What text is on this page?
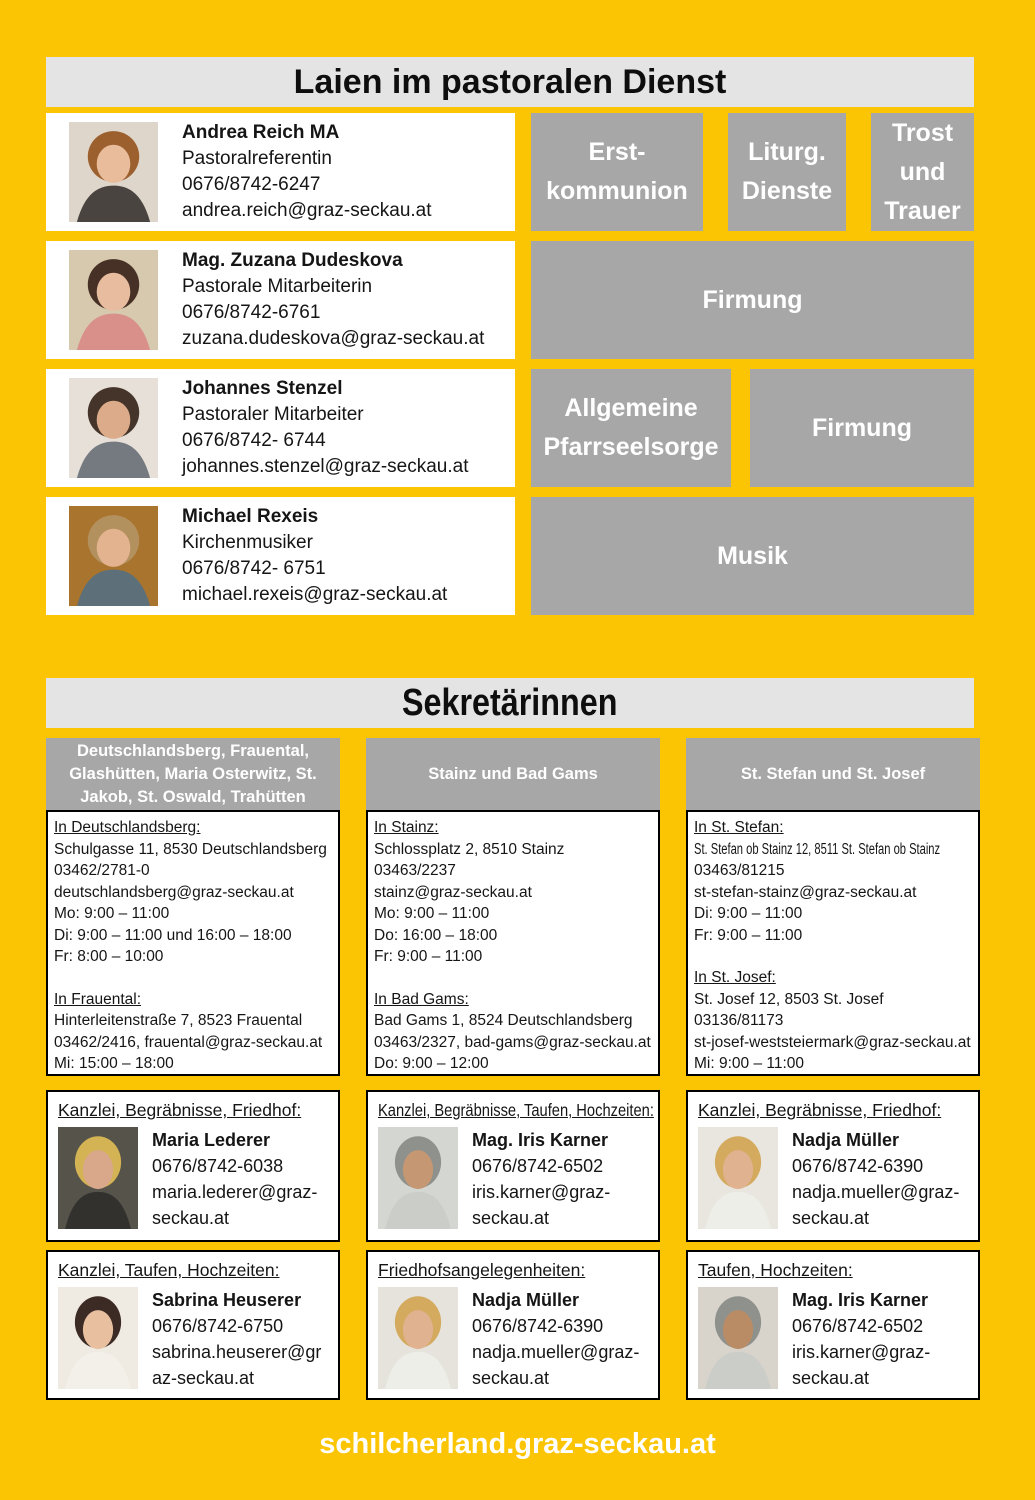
Laien im pastoralen Dienst
Andrea Reich MA
Pastoralreferentin
0676/8742-6247
andrea.reich@graz-seckau.at
Mag. Zuzana Dudeskova
Pastorale Mitarbeiterin
0676/8742-6761
zuzana.dudeskova@graz-seckau.at
Johannes Stenzel
Pastoraler Mitarbeiter
0676/8742- 6744
johannes.stenzel@graz-seckau.at
Michael Rexeis
Kirchenmusiker
0676/8742- 6751
michael.rexeis@graz-seckau.at
Erst-kommunion
Liturg. Dienste
Trost und Trauer
Firmung
Allgemeine Pfarrseelsorge
Firmung
Musik
Sekretärinnen
Deutschlandsberg, Frauental, Glashütten, Maria Osterwitz, St. Jakob, St. Oswald, Trahütten
In Deutschlandsberg:
Schulgasse 11, 8530 Deutschlandsberg
03462/2781-0
deutschlandsberg@graz-seckau.at
Mo: 9:00 – 11:00
Di: 9:00 – 11:00 und 16:00 – 18:00
Fr: 8:00 – 10:00
In Frauental:
Hinterleitenstraße 7, 8523 Frauental
03462/2416, frauental@graz-seckau.at
Mi: 15:00 – 18:00
Kanzlei, Begräbnisse, Friedhof:
Maria Lederer
0676/8742-6038
maria.lederer@graz-seckau.at
Kanzlei, Taufen, Hochzeiten:
Sabrina Heuserer
0676/8742-6750
sabrina.heuserer@graz-seckau.at
Stainz und Bad Gams
In Stainz:
Schlossplatz 2, 8510 Stainz
03463/2237
stainz@graz-seckau.at
Mo: 9:00 – 11:00
Do: 16:00 – 18:00
Fr: 9:00 – 11:00
In Bad Gams:
Bad Gams 1, 8524 Deutschlandsberg
03463/2327, bad-gams@graz-seckau.at
Do: 9:00 – 12:00
Kanzlei, Begräbnisse, Taufen, Hochzeiten:
Mag. Iris Karner
0676/8742-6502
iris.karner@graz-seckau.at
Friedhofsangelegenheiten:
Nadja Müller
0676/8742-6390
nadja.mueller@graz-seckau.at
St. Stefan und St. Josef
In St. Stefan:
St. Stefan ob Stainz 12, 8511 St. Stefan ob Stainz
03463/81215
st-stefan-stainz@graz-seckau.at
Di: 9:00 – 11:00
Fr: 9:00 – 11:00
In St. Josef:
St. Josef 12, 8503 St. Josef
03136/81173
st-josef-weststeiermark@graz-seckau.at
Mi: 9:00 – 11:00
Kanzlei, Begräbnisse, Friedhof:
Nadja Müller
0676/8742-6390
nadja.mueller@graz-seckau.at
Taufen, Hochzeiten:
Mag. Iris Karner
0676/8742-6502
iris.karner@graz-seckau.at
schilcherland.graz-seckau.at
